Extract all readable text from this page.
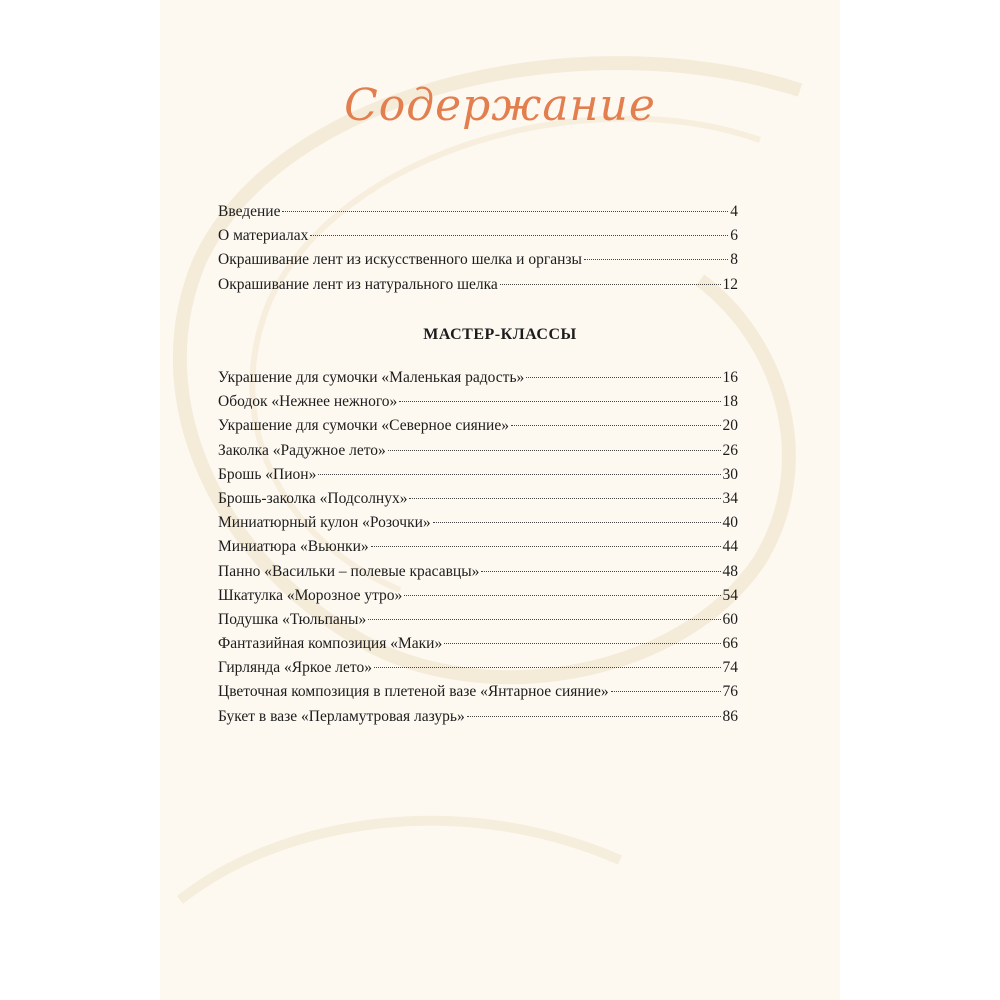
Содержание
Введение	4
О материалах	6
Окрашивание лент из искусственного шелка и органзы	8
Окрашивание лент из натурального шелка	12
МАСТЕР-КЛАССЫ
Украшение для сумочки «Маленькая радость»	16
Ободок «Нежнее нежного»	18
Украшение для сумочки «Северное сияние»	20
Заколка «Радужное лето»	26
Брошь «Пион»	30
Брошь-заколка «Подсолнух»	34
Миниатюрный кулон «Розочки»	40
Миниатюра «Вьюнки»	44
Панно «Васильки – полевые красавцы»	48
Шкатулка «Морозное утро»	54
Подушка «Тюльпаны»	60
Фантазийная композиция «Маки»	66
Гирлянда «Яркое лето»	74
Цветочная композиция в плетеной вазе «Янтарное сияние»	76
Букет в вазе «Перламутровая лазурь»	86
